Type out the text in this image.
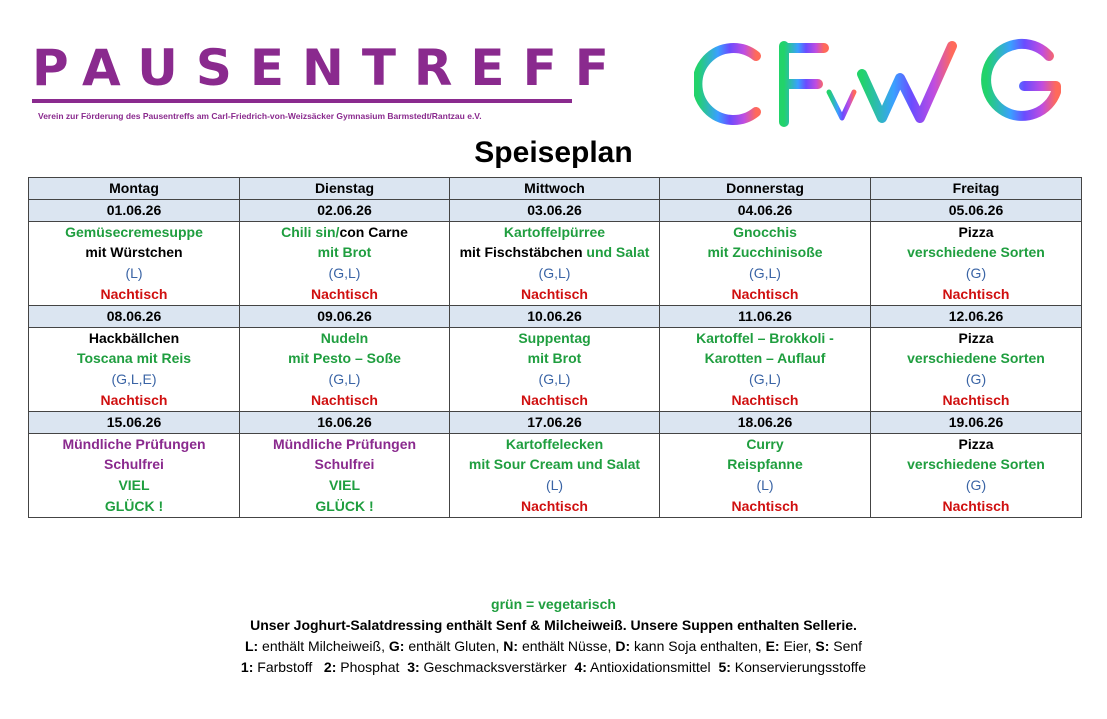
PAUSENTREFF
Verein zur Förderung des Pausentreffs am Carl-Friedrich-von-Weizsäcker Gymnasium Barmstedt/Rantzau e.V.
Speiseplan
Montag	Dienstag	Mittwoch	Donnerstag	Freitag
01.06.26	02.06.26	03.06.26	04.06.26	05.06.26
Gemüsecremesuppe	Chili sin/con Carne	Kartoffelpürree	Gnocchis	Pizza
mit Würstchen	mit Brot	mit Fischstäbchen und Salat	mit Zucchinisoße	verschiedene Sorten
(L)	(G,L)	(G,L)	(G,L)	(G)
Nachtisch	Nachtisch	Nachtisch	Nachtisch	Nachtisch
08.06.26	09.06.26	10.06.26	11.06.26	12.06.26
Hackbällchen	Nudeln	Suppentag	Kartoffel – Brokkoli -	Pizza
Toscana mit Reis	mit Pesto – Soße	mit Brot	Karotten – Auflauf	verschiedene Sorten
(G,L,E)	(G,L)	(G,L)	(G,L)	(G)
Nachtisch	Nachtisch	Nachtisch	Nachtisch	Nachtisch
15.06.26	16.06.26	17.06.26	18.06.26	19.06.26
Mündliche Prüfungen	Mündliche Prüfungen	Kartoffelecken	Curry	Pizza
Schulfrei	Schulfrei	mit Sour Cream und Salat	Reispfanne	verschiedene Sorten
VIEL	VIEL	(L)	(L)	(G)
GLÜCK !	GLÜCK !	Nachtisch	Nachtisch	Nachtisch
grün = vegetarisch
Unser Joghurt-Salatdressing enthält Senf & Milcheiweiß. Unsere Suppen enthalten Sellerie.
L: enthält Milcheiweiß, G: enthält Gluten, N: enthält Nüsse, D: kann Soja enthalten, E: Eier, S: Senf
1: Farbstoff   2: Phosphat  3: Geschmacksverstärker  4: Antioxidationsmittel  5: Konservierungsstoffe
